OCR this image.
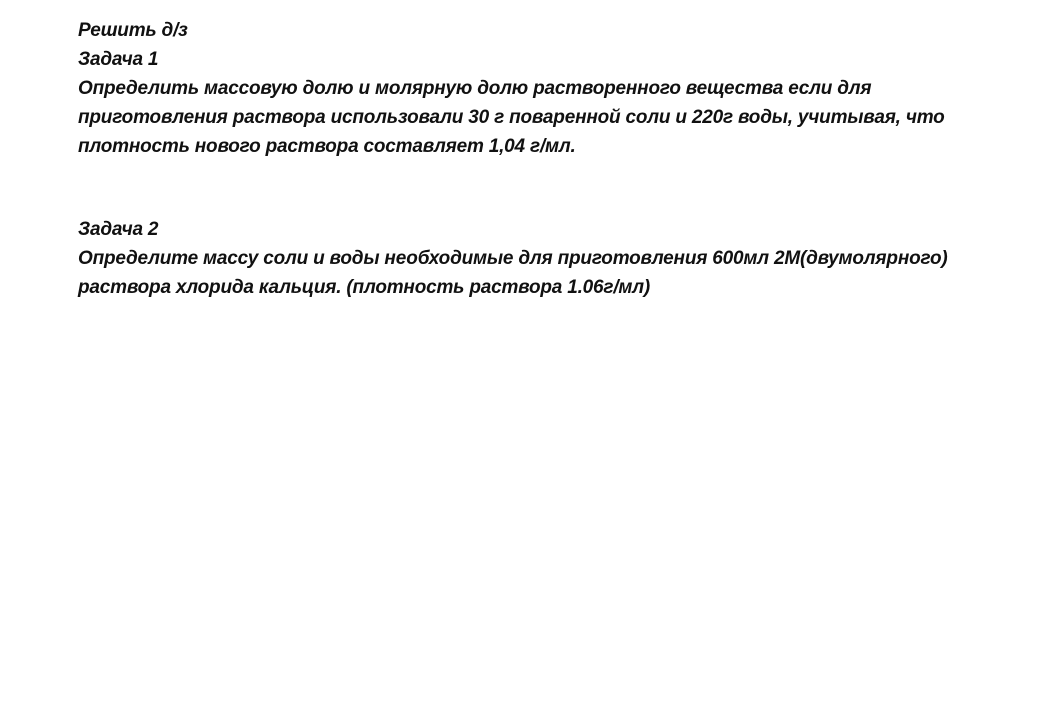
Решить д/з
Задача 1
Определить массовую долю и молярную долю растворенного вещества если для
приготовления раствора использовали 30 г поваренной соли и 220г воды, учитывая, что
плотность нового раствора составляет 1,04 г/мл.
Задача 2
Определите массу соли и воды необходимые для приготовления 600мл 2М(двумолярного)
раствора хлорида кальция. (плотность раствора 1.06г/мл)
